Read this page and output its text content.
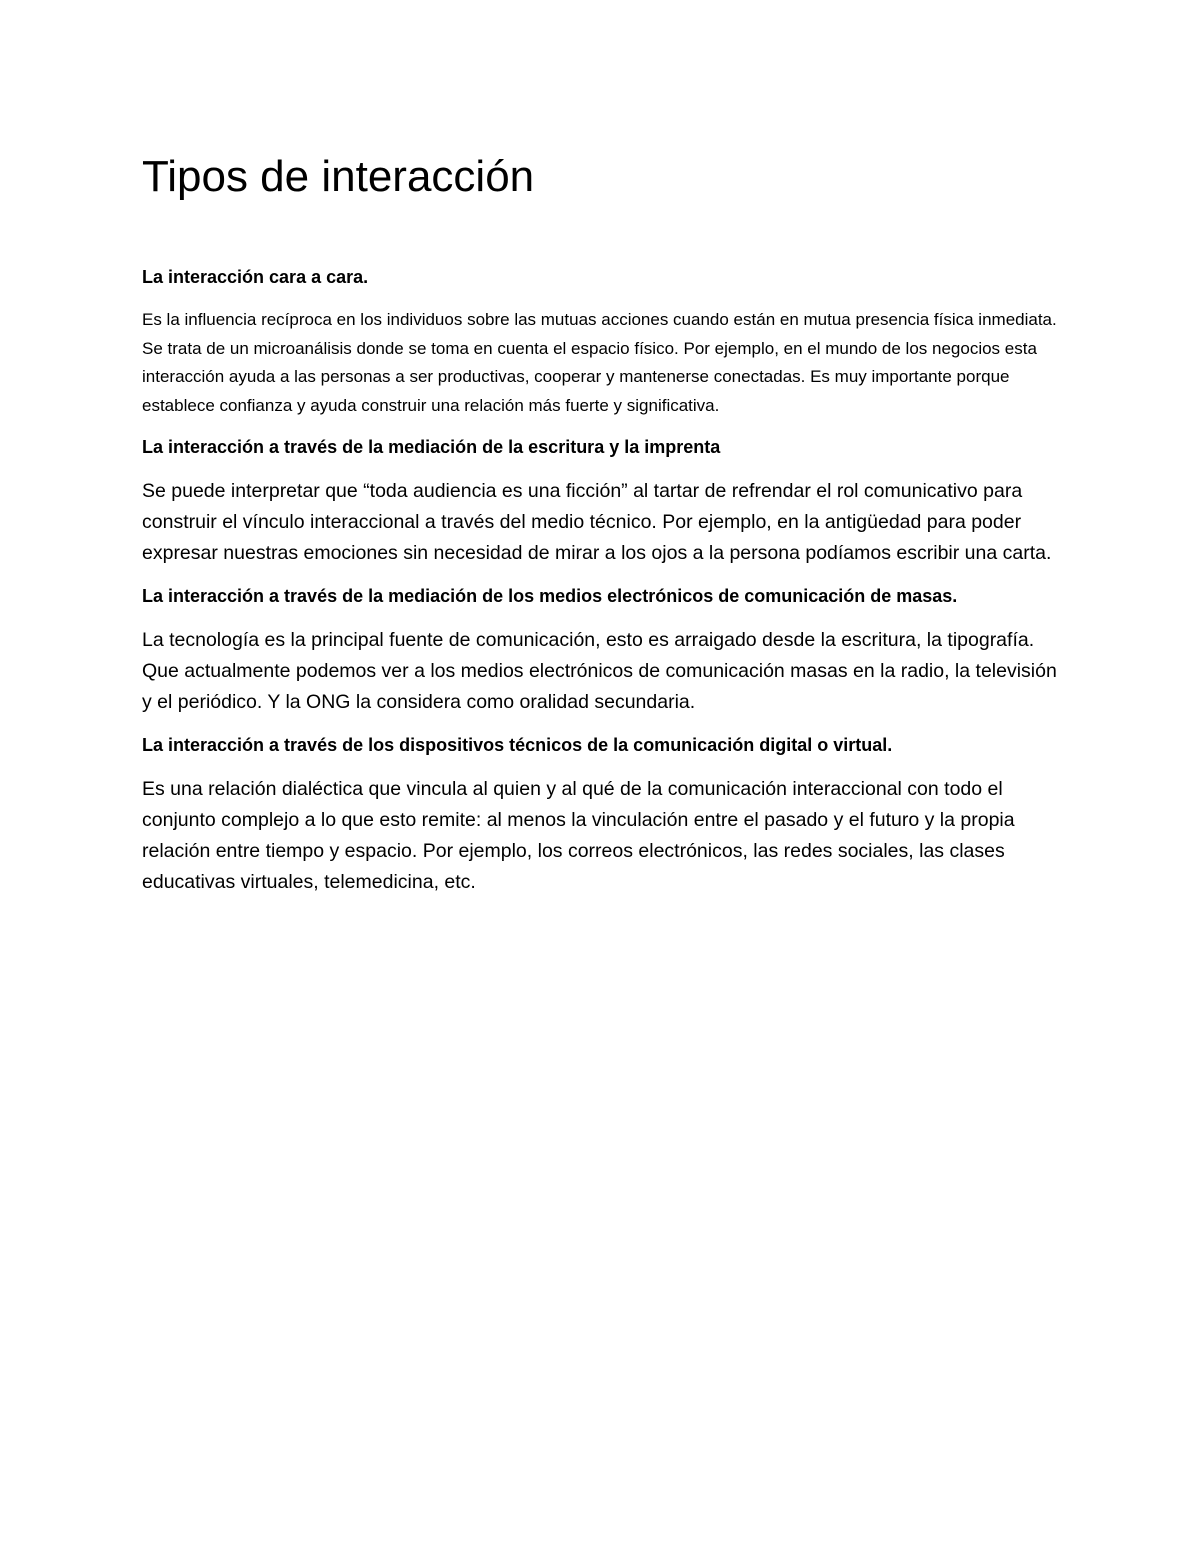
Tipos de interacción
La interacción cara a cara.

Es la influencia recíproca en los individuos sobre las mutuas acciones cuando están en mutua presencia física inmediata. Se trata de un microanálisis donde se toma en cuenta el espacio físico. Por ejemplo, en el mundo de los negocios esta interacción ayuda a las personas a ser productivas, cooperar y mantenerse conectadas. Es muy importante porque establece confianza y ayuda construir una relación más fuerte y significativa.

La interacción a través de la mediación de la escritura y la imprenta

Se puede interpretar que “toda audiencia es una ficción” al tartar de refrendar el rol comunicativo para construir el vínculo interaccional a través del medio técnico. Por ejemplo, en la antigüedad para poder expresar nuestras emociones sin necesidad de mirar a los ojos a la persona podíamos escribir una carta.

La interacción a través de la mediación de los medios electrónicos de comunicación de masas.

La tecnología es la principal fuente de comunicación, esto es arraigado desde la escritura, la tipografía. Que actualmente podemos ver a los medios electrónicos de comunicación masas en la radio, la televisión y el periódico. Y la ONG la considera como oralidad secundaria.

La interacción a través de los dispositivos técnicos de la comunicación digital o virtual.

Es una relación dialéctica que vincula al quien y al qué de la comunicación interaccional con todo el conjunto complejo a lo que esto remite: al menos la vinculación entre el pasado y el futuro y la propia relación entre tiempo y espacio. Por ejemplo, los correos electrónicos, las redes sociales, las clases educativas virtuales, telemedicina, etc.
